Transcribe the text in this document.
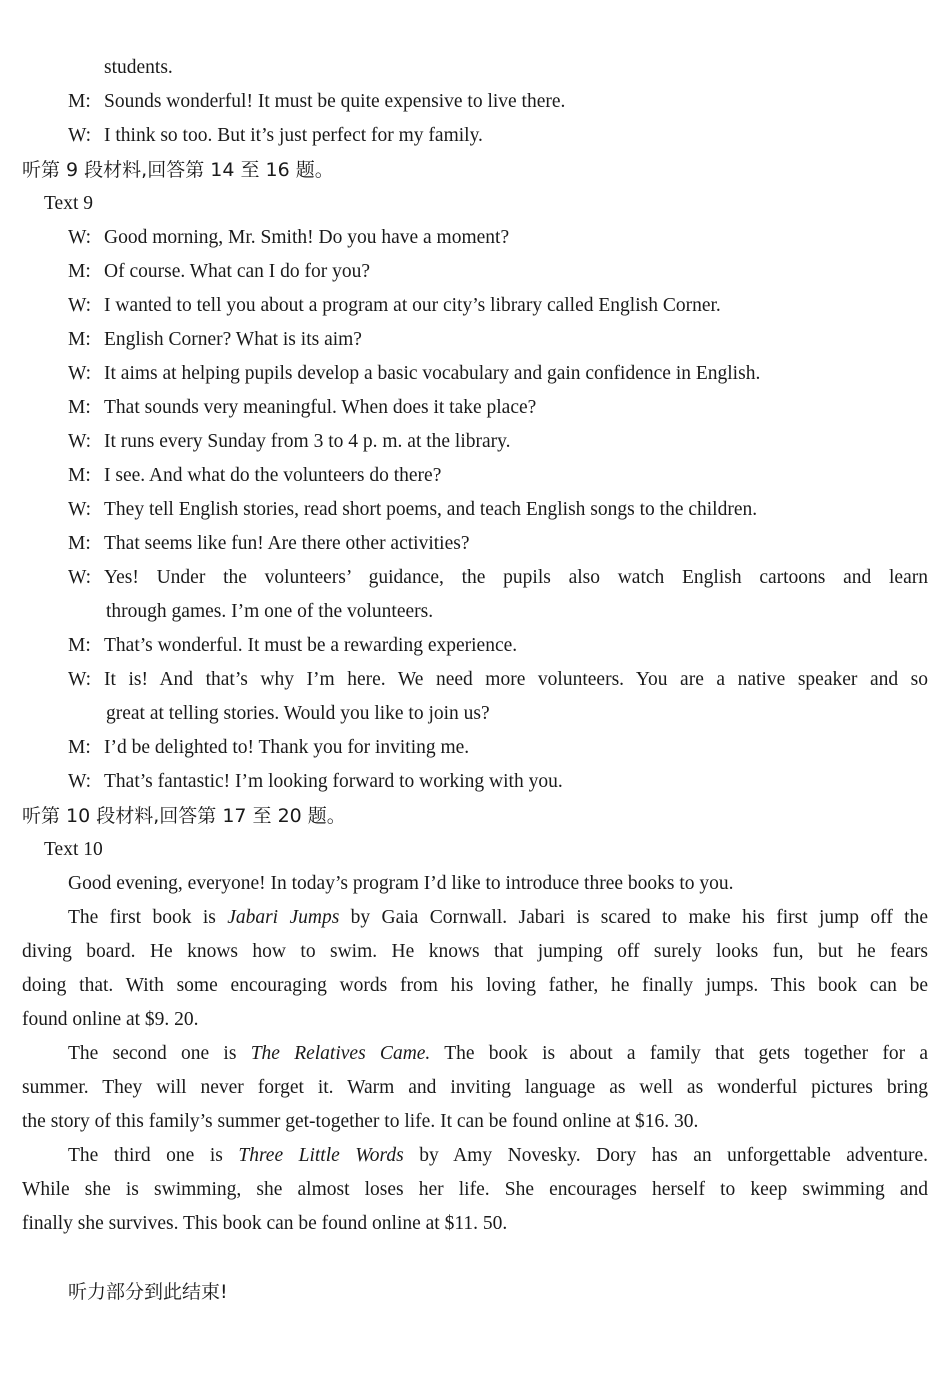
students.
M: Sounds wonderful! It must be quite expensive to live there.
W: I think so too. But it’s just perfect for my family.
听第 9 段材料,回答第 14 至 16 题。
Text 9
W: Good morning, Mr. Smith! Do you have a moment?
M: Of course. What can I do for you?
W: I wanted to tell you about a program at our city’s library called English Corner.
M: English Corner? What is its aim?
W: It aims at helping pupils develop a basic vocabulary and gain confidence in English.
M: That sounds very meaningful. When does it take place?
W: It runs every Sunday from 3 to 4 p. m. at the library.
M: I see. And what do the volunteers do there?
W: They tell English stories, read short poems, and teach English songs to the children.
M: That seems like fun! Are there other activities?
W: Yes! Under the volunteers’ guidance, the pupils also watch English cartoons and learn
through games. I’m one of the volunteers.
M: That’s wonderful. It must be a rewarding experience.
W: It is! And that’s why I’m here. We need more volunteers. You are a native speaker and so
great at telling stories. Would you like to join us?
M: I’d be delighted to! Thank you for inviting me.
W: That’s fantastic! I’m looking forward to working with you.
听第 10 段材料,回答第 17 至 20 题。
Text 10
Good evening, everyone! In today’s program I’d like to introduce three books to you.
The first book is Jabari Jumps by Gaia Cornwall. Jabari is scared to make his first jump off the
diving board. He knows how to swim. He knows that jumping off surely looks fun, but he fears
doing that. With some encouraging words from his loving father, he finally jumps. This book can be
found online at $9. 20.
The second one is The Relatives Came. The book is about a family that gets together for a
summer. They will never forget it. Warm and inviting language as well as wonderful pictures bring
the story of this family’s summer get-together to life. It can be found online at $16. 30.
The third one is Three Little Words by Amy Novesky. Dory has an unforgettable adventure.
While she is swimming, she almost loses her life. She encourages herself to keep swimming and
finally she survives. This book can be found online at $11. 50.
听力部分到此结束!
